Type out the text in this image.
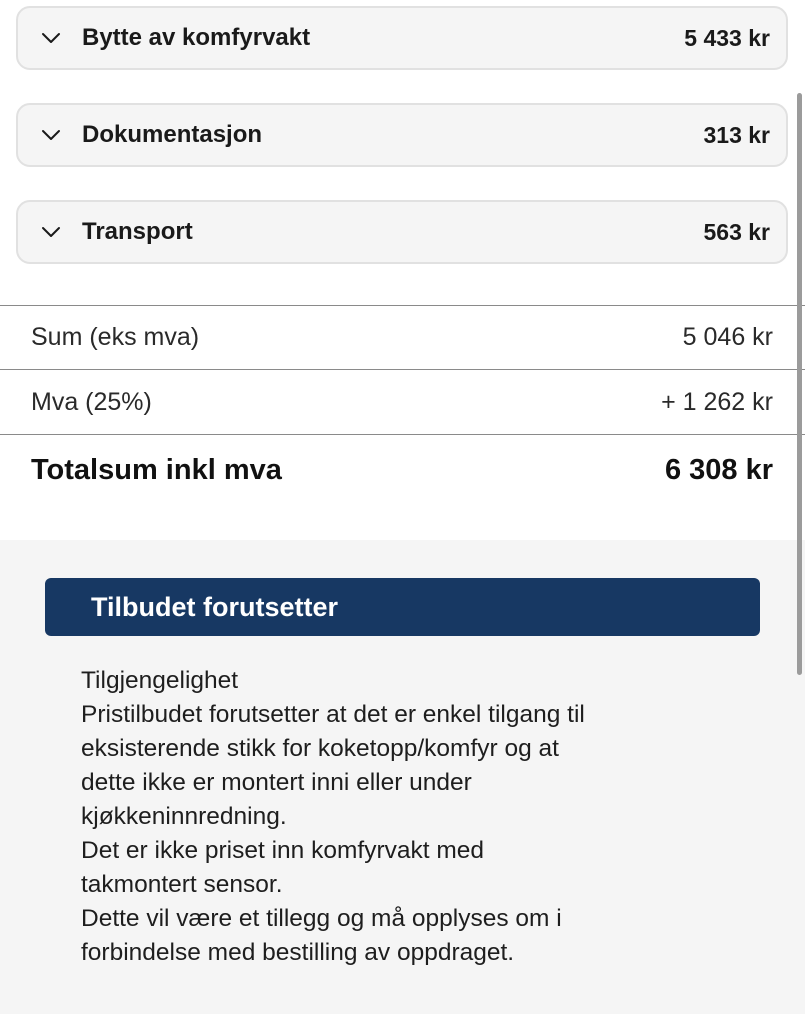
Bytte av komfyrvakt	5 433 kr
Dokumentasjon	313 kr
Transport	563 kr
Sum (eks mva)	5 046 kr
Mva (25%)	+ 1 262 kr
Totalsum inkl mva	6 308 kr
Tilbudet forutsetter
Tilgjengelighet
Pristilbudet forutsetter at det er enkel tilgang til
eksisterende stikk for koketopp/komfyr og at
dette ikke er montert inni eller under
kjøkkeninnredning.
Det er ikke priset inn komfyrvakt med
takmontert sensor.
Dette vil være et tillegg og må opplyses om i
forbindelse med bestilling av oppdraget.
